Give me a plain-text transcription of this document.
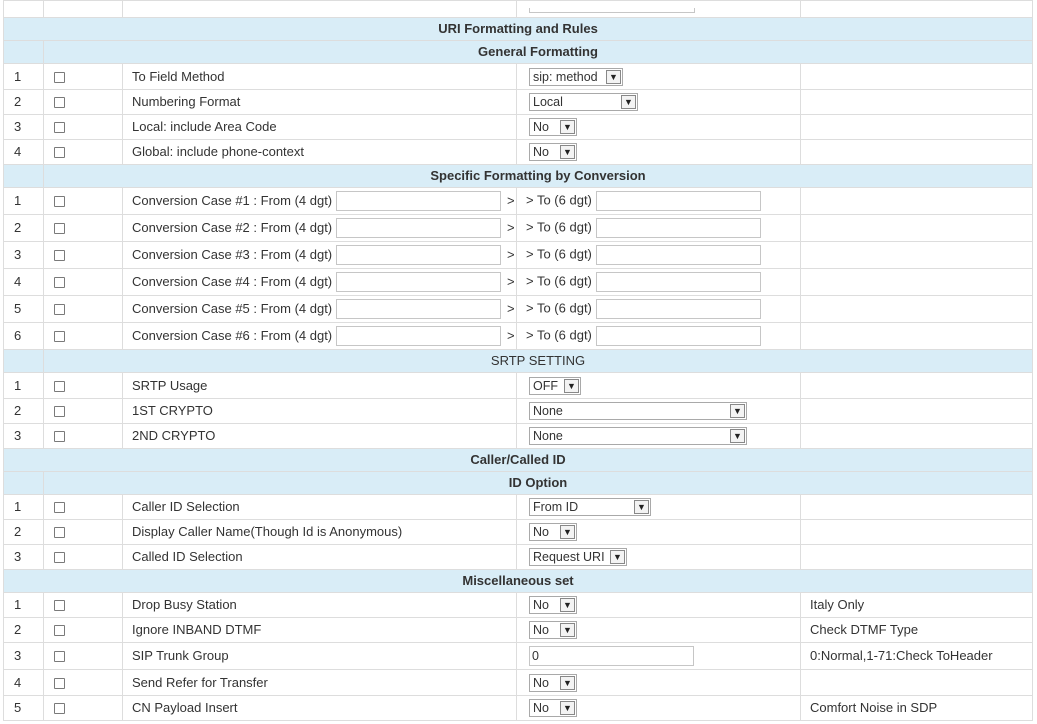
URI Formatting and Rules				
	General Formatting			
1		To Field Method	sip: method ▼	

2		Numbering Format	Local ▼	

3		Local: include Area Code	No ▼	

4		Global: include phone-context	No ▼	

	Specific Formatting by Conversion			
1		Conversion Case #1 : From (4 dgt) >	> To (6 dgt)	
2		Conversion Case #2 : From (4 dgt) >	> To (6 dgt)	
3		Conversion Case #3 : From (4 dgt) >	> To (6 dgt)	
4		Conversion Case #4 : From (4 dgt) >	> To (6 dgt)	
5		Conversion Case #5 : From (4 dgt) >	> To (6 dgt)	
6		Conversion Case #6 : From (4 dgt) >	> To (6 dgt)	
	SRTP SETTING			
1		SRTP Usage	OFF ▼	

2		1ST CRYPTO	None ▼	

3		2ND CRYPTO	None ▼	

Caller/Called ID				
	ID Option			
1		Caller ID Selection	From ID ▼	

2		Display Caller Name(Though Id is Anonymous)	No ▼	

3		Called ID Selection	Request URI ▼	

Miscellaneous set				
1		Drop Busy Station	No ▼	Italy Only
2		Ignore INBAND DTMF	No ▼	Check DTMF Type
3		SIP Trunk Group	0	0:Normal,1-71:Check ToHeader
4		Send Refer for Transfer	No ▼	

5		CN Payload Insert	No ▼	Comfort Noise in SDP
